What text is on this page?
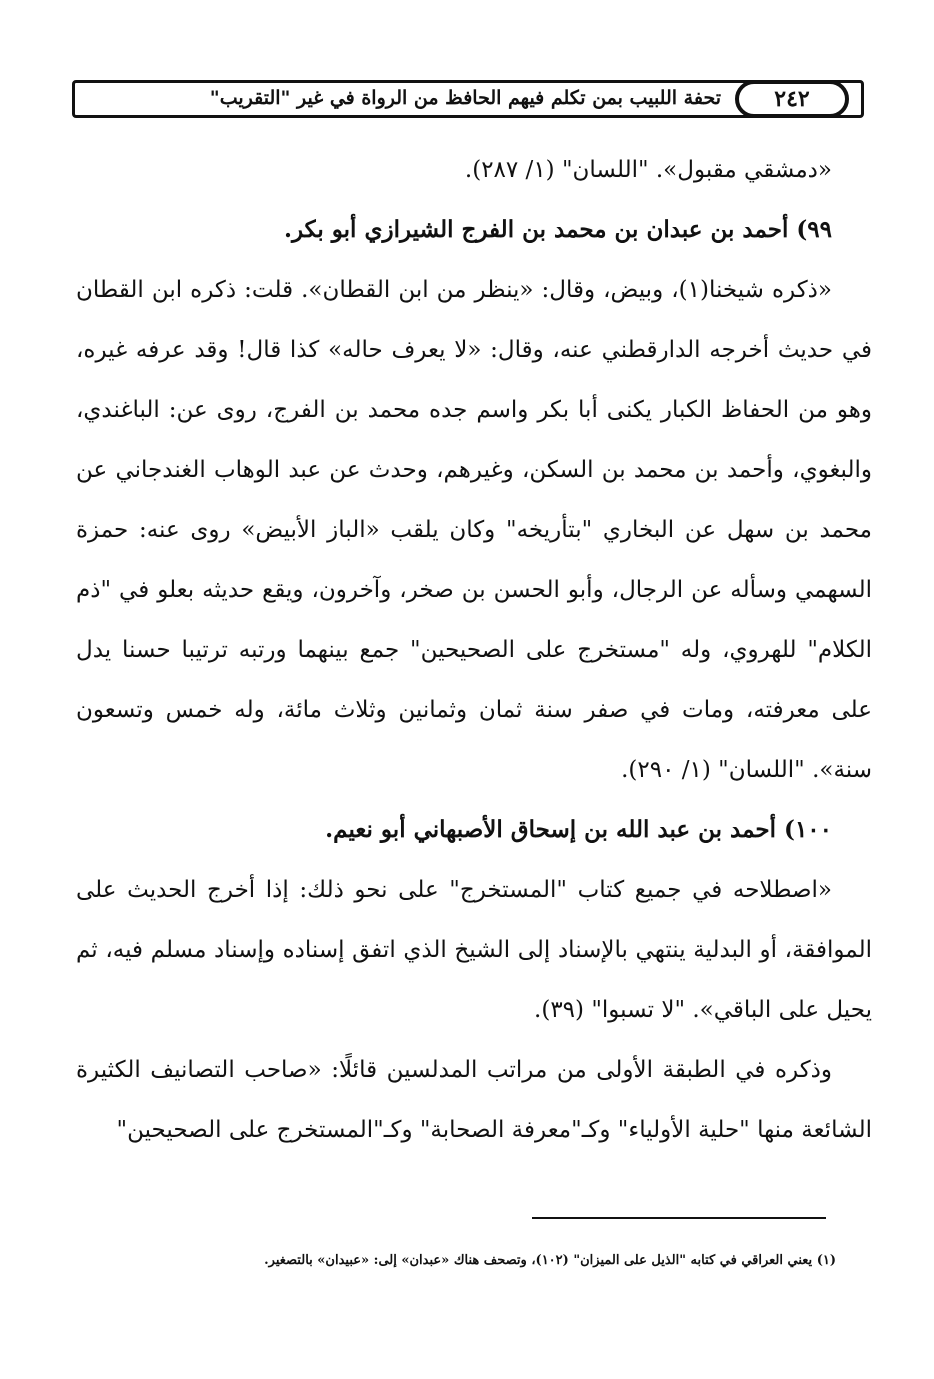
تحفة اللبيب بمن تكلم فيهم الحافظ من الرواة في غير "التقريب"	٢٤٢

«دمشقي مقبول». "اللسان" (١/ ٢٨٧).

٩٩) أحمد بن عبدان بن محمد بن الفرج الشيرازي أبو بكر.

«ذكره شيخنا(١)، وبيض، وقال: «ينظر من ابن القطان». قلت: ذكره ابن القطان في حديث أخرجه الدارقطني عنه، وقال: «لا يعرف حاله» كذا قال! وقد عرفه غيره، وهو من الحفاظ الكبار يكنى أبا بكر واسم جده محمد بن الفرج، روى عن: الباغندي، والبغوي، وأحمد بن محمد بن السكن، وغيرهم، وحدث عن عبد الوهاب الغندجاني عن محمد بن سهل عن البخاري "بتأريخه" وكان يلقب «الباز الأبيض» روى عنه: حمزة السهمي وسأله عن الرجال، وأبو الحسن بن صخر، وآخرون، ويقع حديثه بعلو في "ذم الكلام" للهروي، وله "مستخرج على الصحيحين" جمع بينهما ورتبه ترتيبا حسنا يدل على معرفته، ومات في صفر سنة ثمان وثمانين وثلاث مائة، وله خمس وتسعون سنة». "اللسان" (١/ ٢٩٠).

١٠٠) أحمد بن عبد الله بن إسحاق الأصبهاني أبو نعيم.

«اصطلاحه في جميع كتاب "المستخرج" على نحو ذلك: إذا أخرج الحديث على الموافقة، أو البدلية ينتهي بالإسناد إلى الشيخ الذي اتفق إسناده وإسناد مسلم فيه، ثم يحيل على الباقي». "لا تسبوا" (٣٩).

وذكره في الطبقة الأولى من مراتب المدلسين قائلًا: «صاحب التصانيف الكثيرة الشائعة منها "حلية الأولياء" وكـ"معرفة الصحابة" وكـ"المستخرج على الصحيحين"

(١) يعني العراقي في كتابه "الذيل على الميزان" (١٠٢)، وتصحف هناك «عبدان» إلى: «عبيدان» بالتصغير.
